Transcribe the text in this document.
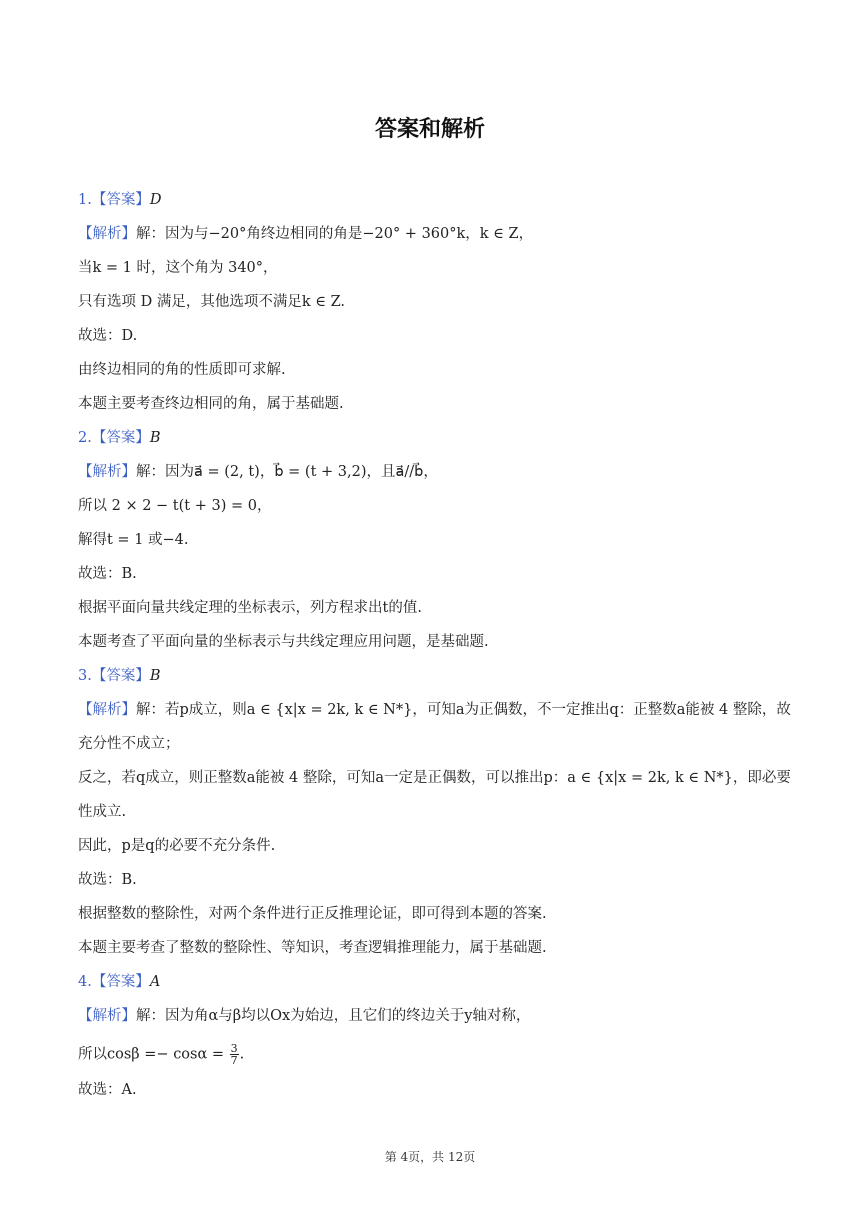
答案和解析
1.【答案】D
【解析】解：因为与−20°角终边相同的角是−20° + 360°k，k ∈ Z，
当k = 1 时，这个角为 340°，
只有选项 D 满足，其他选项不满足k ∈ Z.
故选：D.
由终边相同的角的性质即可求解.
本题主要考查终边相同的角，属于基础题.
2.【答案】B
【解析】解：因为a⃗ = (2, t)，b⃗ = (t + 3,2)，且a⃗//b⃗，
所以 2 × 2 − t(t + 3) = 0，
解得t = 1 或−4.
故选：B.
根据平面向量共线定理的坐标表示，列方程求出t的值.
本题考查了平面向量的坐标表示与共线定理应用问题，是基础题.
3.【答案】B
【解析】解：若p成立，则a ∈ {x|x = 2k, k ∈ N*}，可知a为正偶数，不一定推出q：正整数a能被 4 整除，故
充分性不成立；
反之，若q成立，则正整数a能被 4 整除，可知a一定是正偶数，可以推出p：a ∈ {x|x = 2k, k ∈ N*}，即必要
性成立.
因此，p是q的必要不充分条件.
故选：B.
根据整数的整除性，对两个条件进行正反推理论证，即可得到本题的答案.
本题主要考查了整数的整除性、等知识，考查逻辑推理能力，属于基础题.
4.【答案】A
【解析】解：因为角α与β均以Ox为始边，且它们的终边关于y轴对称，
所以$\cos\beta =- \cos\alpha = \frac{3}{7}$ .
故选：A.
第 4页，共 12页
